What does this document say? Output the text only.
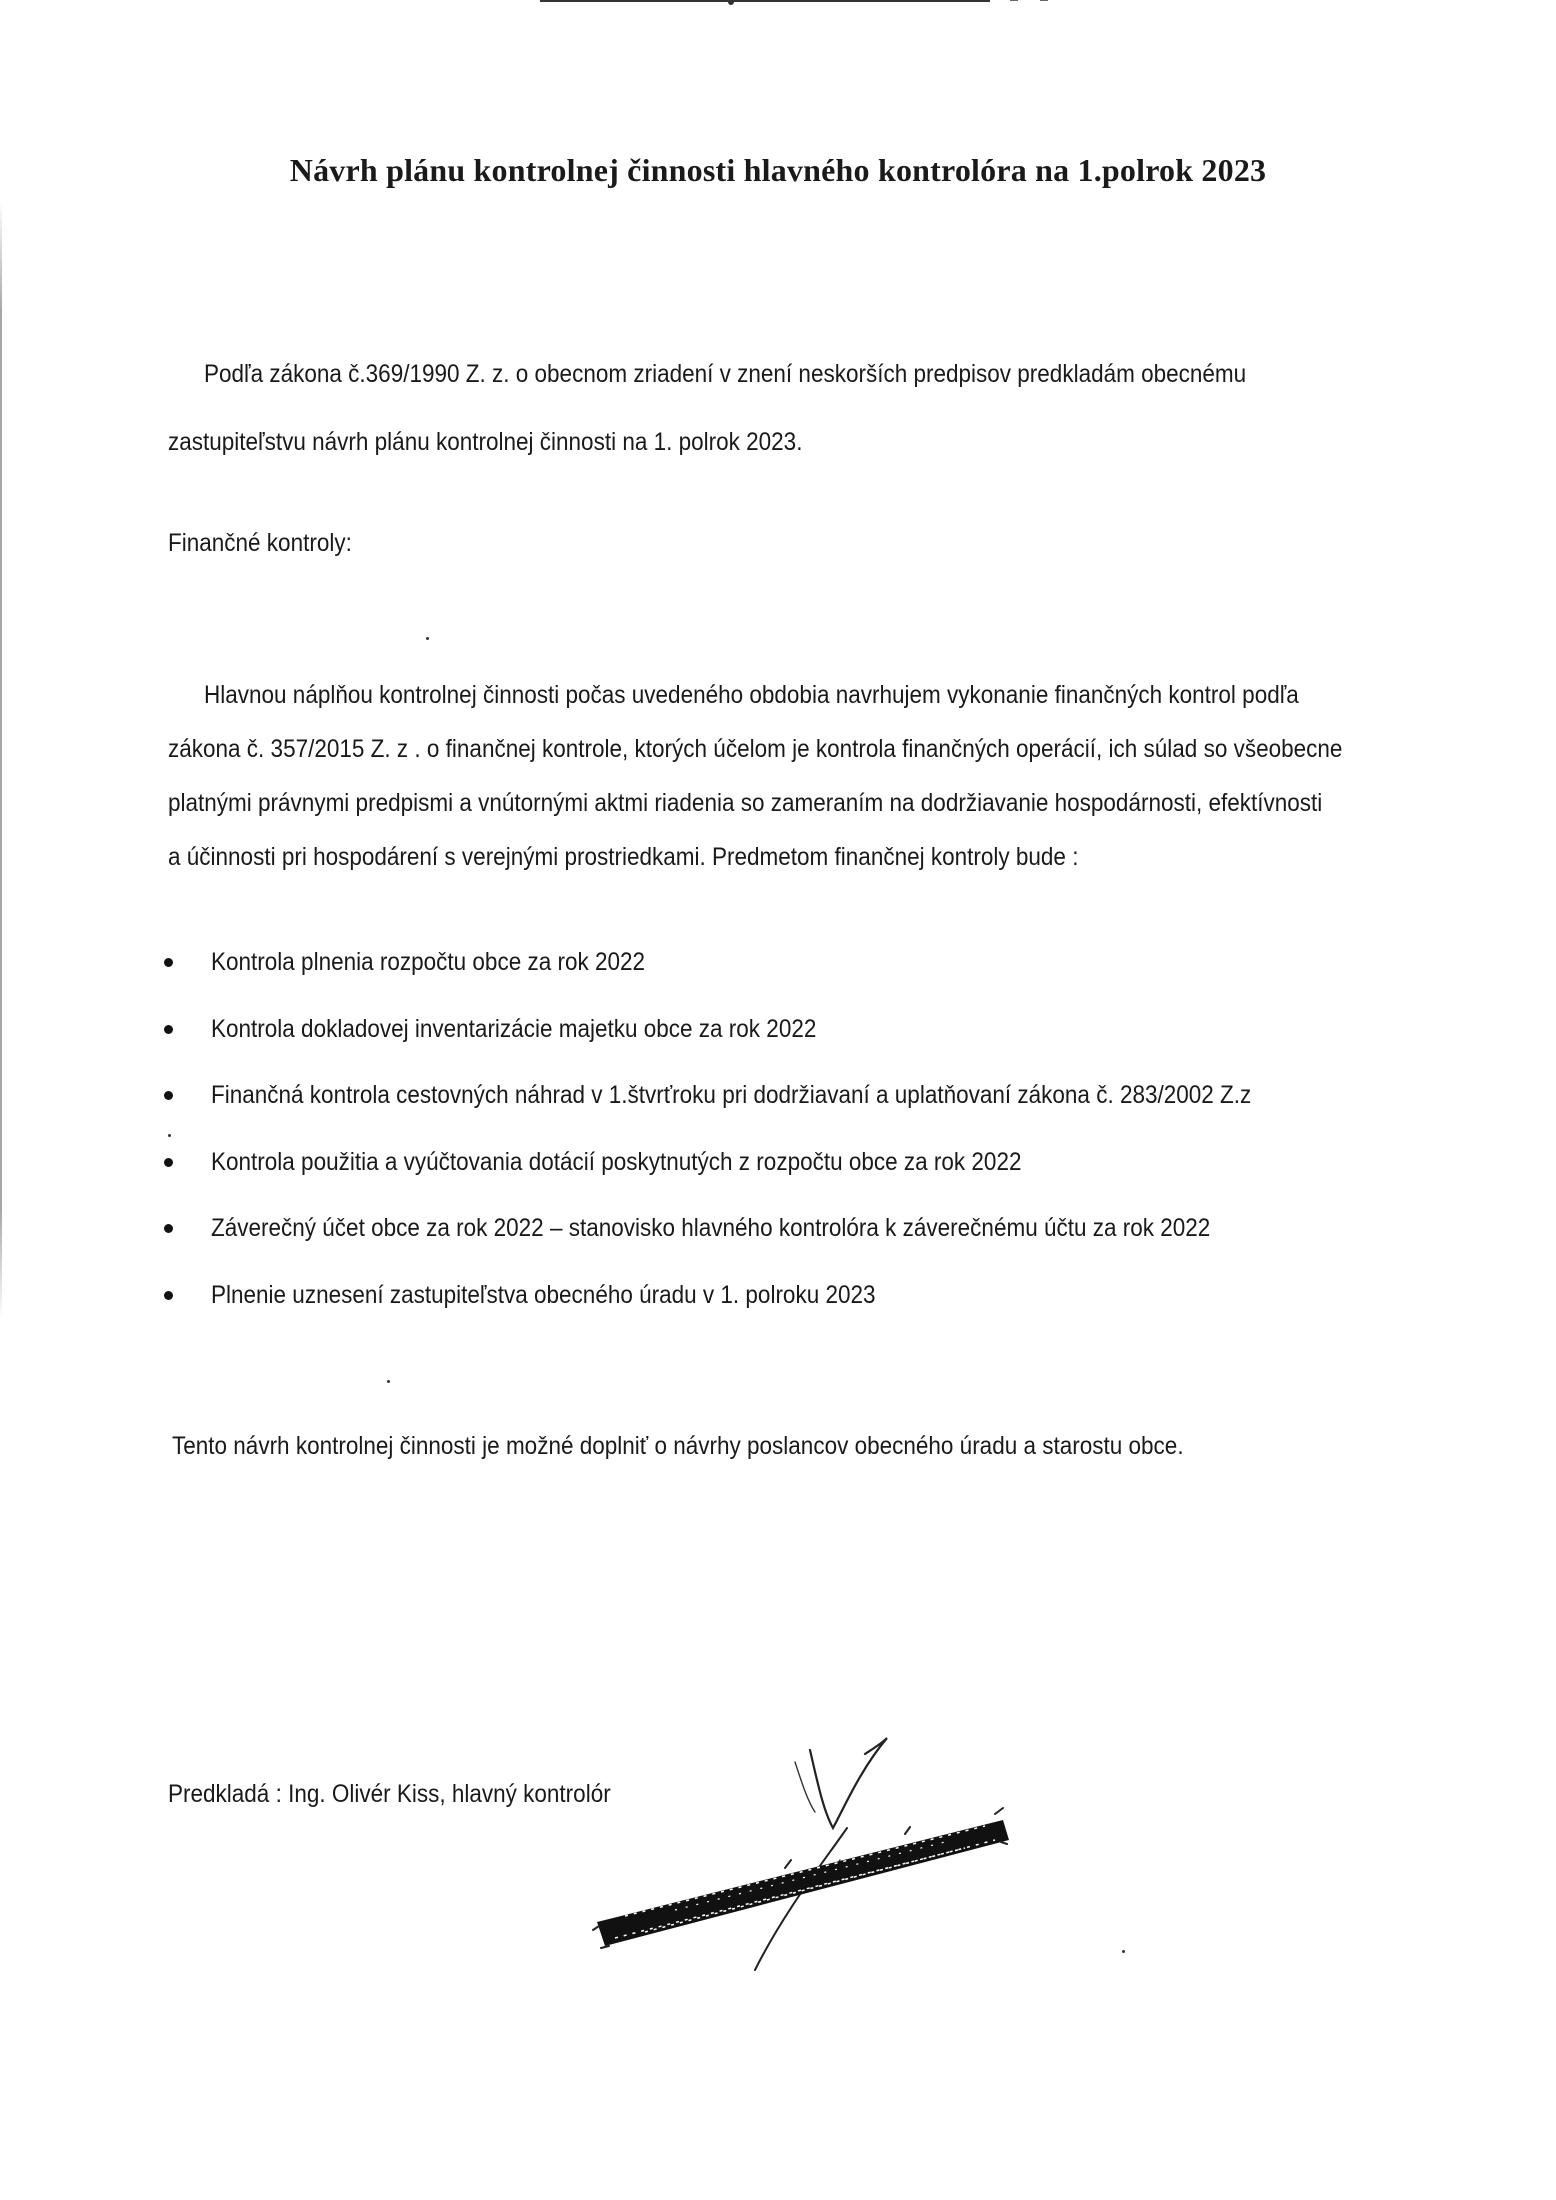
Návrh plánu kontrolnej činnosti hlavného kontrolóra na 1.polrok 2023
Podľa zákona č.369/1990 Z. z. o obecnom zriadení v znení neskorších predpisov predkladám obecnému
zastupiteľstvu návrh plánu kontrolnej činnosti na 1. polrok 2023.
Finančné kontroly:
Hlavnou náplňou kontrolnej činnosti počas uvedeného obdobia navrhujem vykonanie finančných kontrol podľa
zákona č. 357/2015 Z. z . o finančnej kontrole, ktorých účelom je kontrola finančných operácií, ich súlad so všeobecne
platnými právnymi predpismi a vnútornými aktmi riadenia so zameraním na dodržiavanie hospodárnosti, efektívnosti
a účinnosti pri hospodárení s verejnými prostriedkami. Predmetom finančnej kontroly bude :
Kontrola plnenia rozpočtu obce za rok 2022
Kontrola dokladovej inventarizácie majetku obce za rok 2022
Finančná kontrola cestovných náhrad v 1.štvrťroku pri dodržiavaní a uplatňovaní zákona č. 283/2002 Z.z
Kontrola použitia a vyúčtovania dotácií poskytnutých z rozpočtu obce za rok 2022
Záverečný účet obce za rok 2022 – stanovisko hlavného kontrolóra k záverečnému účtu za rok 2022
Plnenie uznesení zastupiteľstva obecného úradu v 1. polroku 2023
Tento návrh kontrolnej činnosti je možné doplniť o návrhy poslancov obecného úradu a starostu obce.
Predkladá : Ing. Olivér Kiss, hlavný kontrolór
